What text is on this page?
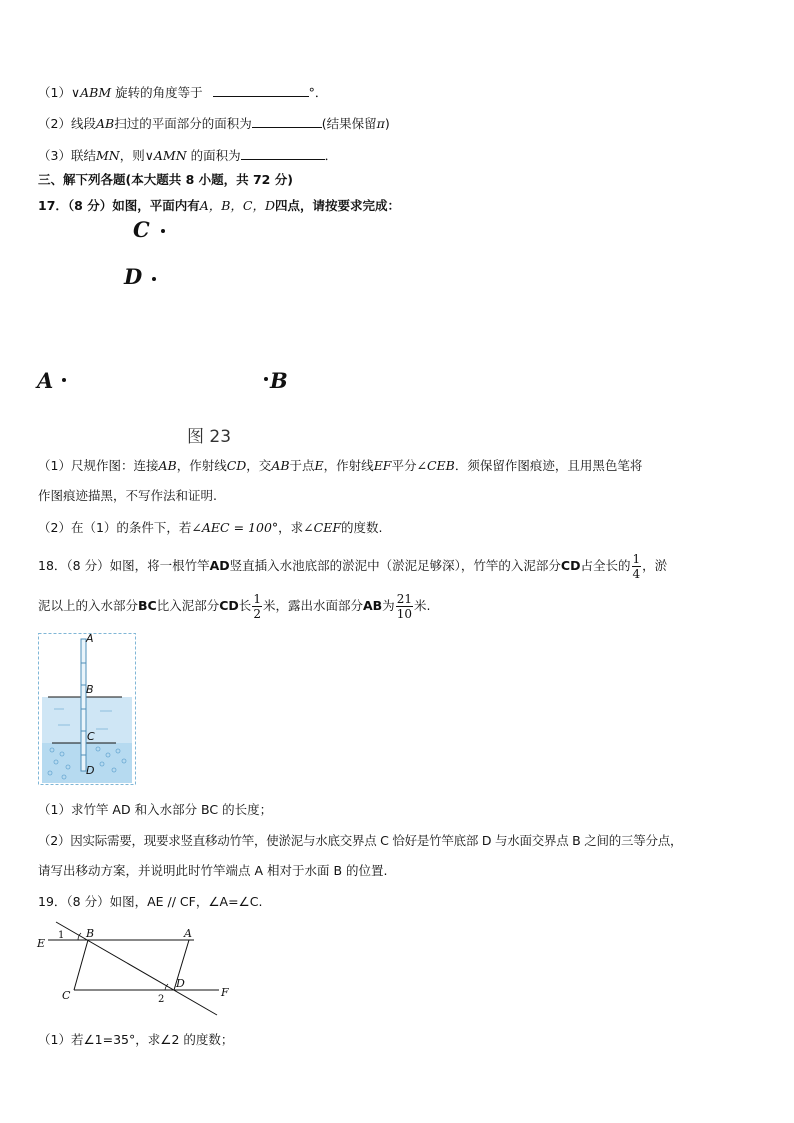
（1）∨ABM 旋转的角度等于	°．
（2）线段AB扫过的平面部分的面积为	(结果保留π)
（3）联结MN，则∨AMN 的面积为	．
三、解下列各题(本大题共 8 小题，共 72 分)
17．（8 分）如图，平面内有A，B，C，D四点，请按要求完成：
C
D
A	B
图 23
（1）尺规作图：连接AB，作射线CD，交AB于点E，作射线EF平分∠CEB．须保留作图痕迹，且用黑色笔将
作图痕迹描黑，不写作法和证明.
（2）在（1）的条件下，若∠AEC = 100°，求∠CEF的度数.
18．（8 分）如图，将一根竹竿AD竖直插入水池底部的淤泥中（淤泥足够深），竹竿的入泥部分CD占全长的 $\frac{1}{4}$ ，淤
泥以上的入水部分BC比入泥部分CD长 $\frac{1}{2}$ 米，露出水面部分AB为 $\frac{21}{10}$ 米.
A
B
C
D
（1）求竹竿 AD 和入水部分 BC 的长度；
（2）因实际需要，现要求竖直移动竹竿，使淤泥与水底交界点 C 恰好是竹竿底部 D 与水面交界点 B 之间的三等分点，
请写出移动方案，并说明此时竹竿端点 A 相对于水面 B 的位置.
19．（8 分）如图，AE // CF，∠A=∠C.
E
1 B	A
C	2
D
F
（1）若∠1=35°，求∠2 的度数；
